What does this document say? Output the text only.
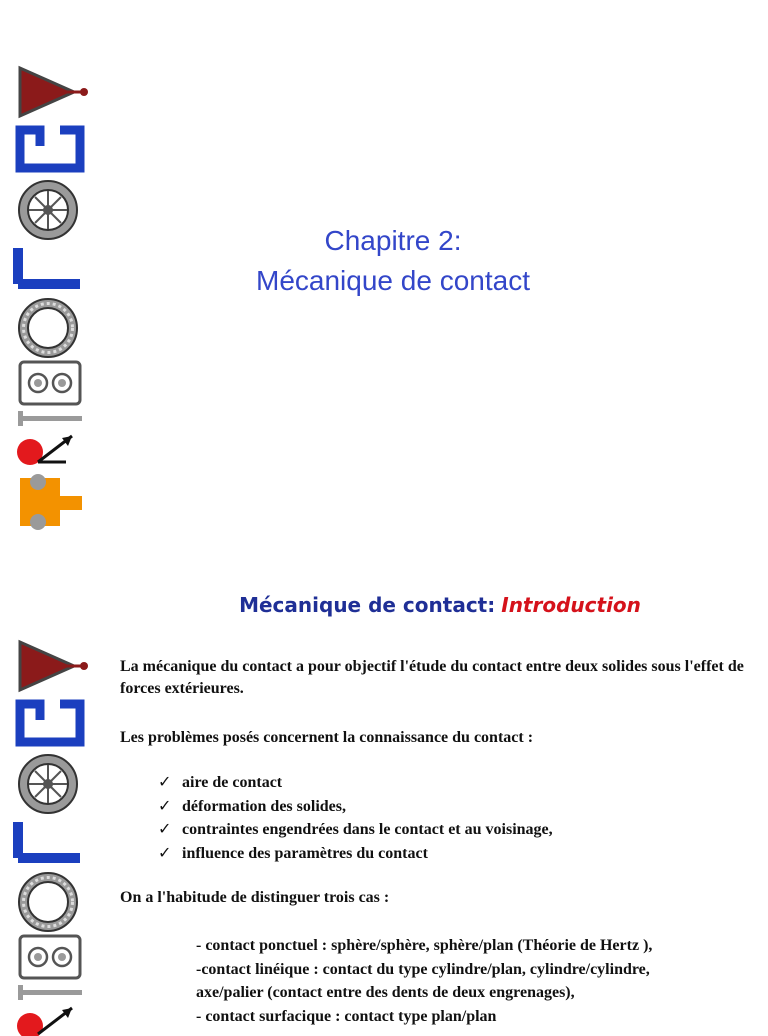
Chapitre 2:
Mécanique de contact
Mécanique de contact: Introduction
La mécanique du contact a pour objectif l'étude du contact entre deux solides sous l'effet de forces extérieures.
Les problèmes posés concernent la connaissance du contact :
✓ aire de contact
✓ déformation des solides,
✓ contraintes engendrées dans le contact et au voisinage,
✓ influence des paramètres du contact
On a l'habitude de distinguer trois cas :
- contact ponctuel : sphère/sphère, sphère/plan (Théorie de Hertz ),
-contact linéique : contact du type cylindre/plan, cylindre/cylindre,
axe/palier (contact entre des dents de deux engrenages),
- contact surfacique : contact type plan/plan
